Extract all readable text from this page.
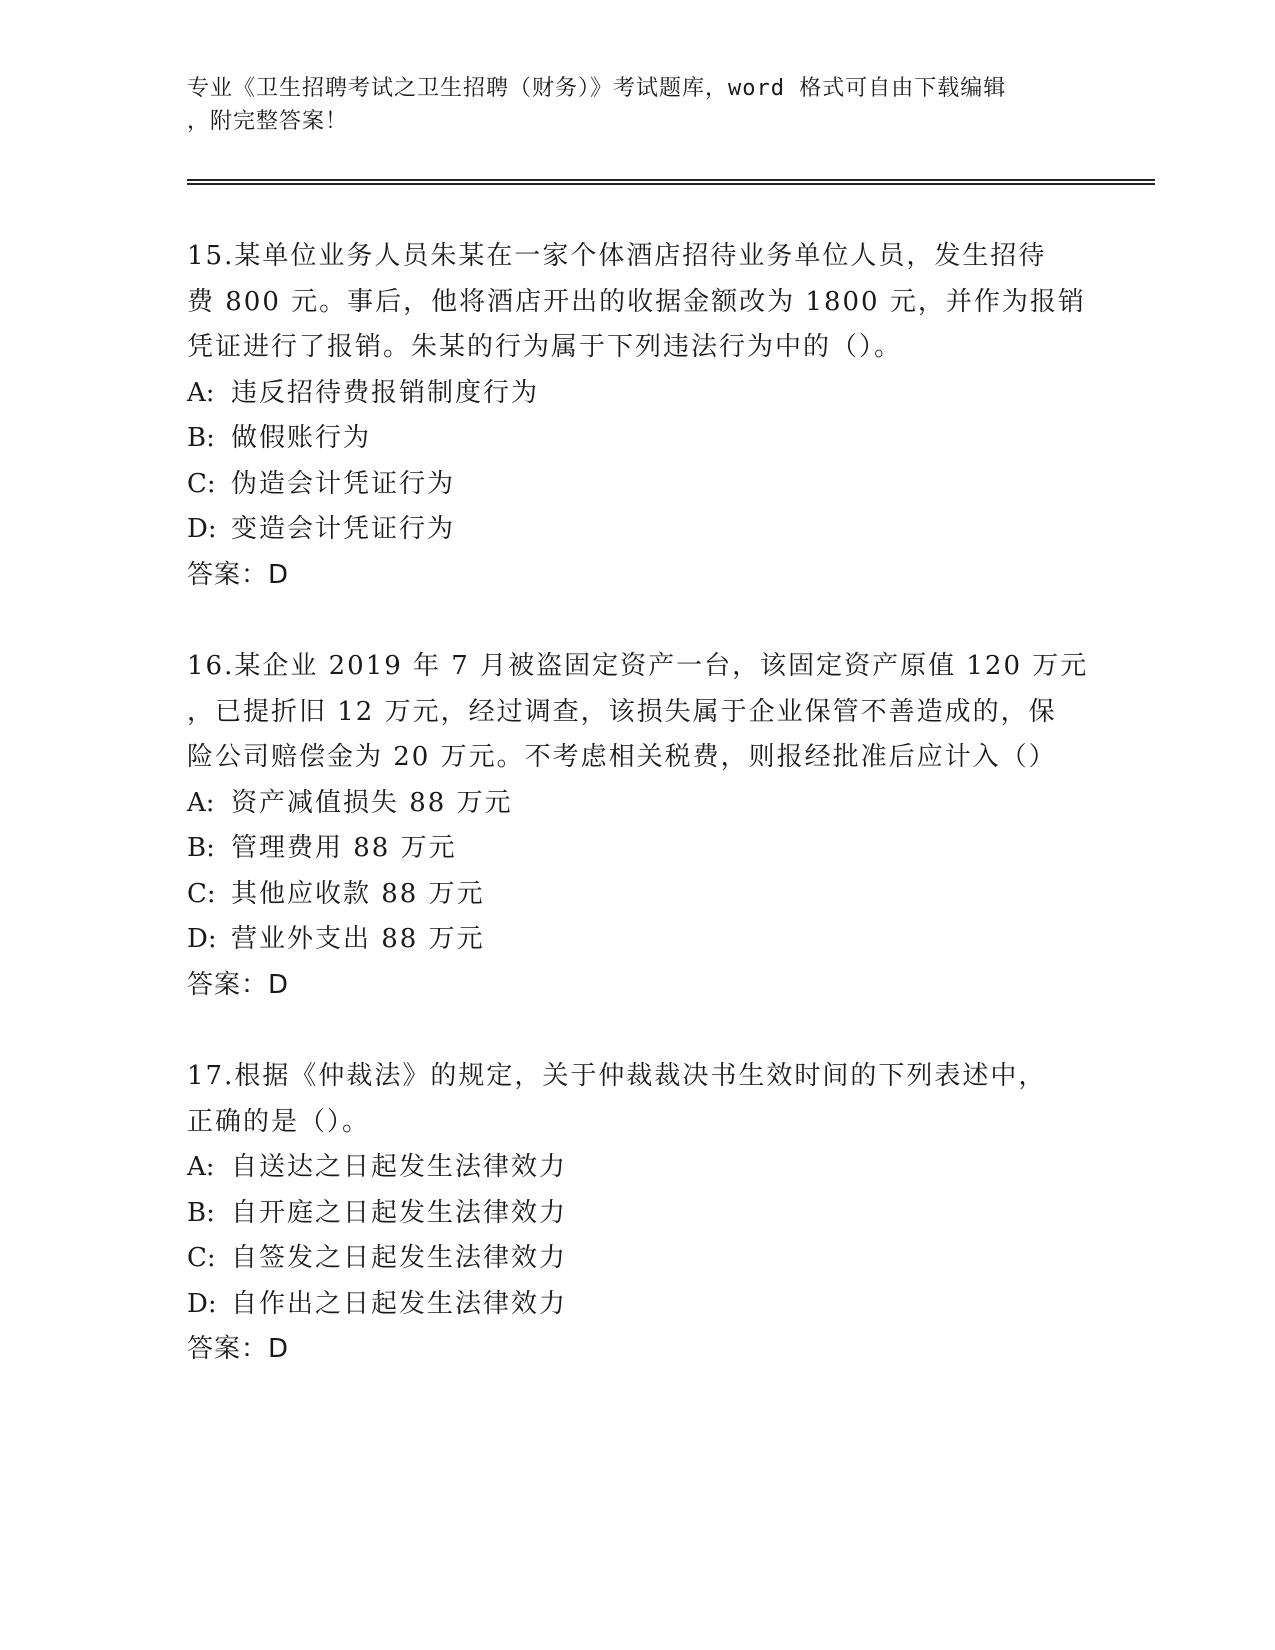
专业《卫生招聘考试之卫生招聘（财务）》考试题库，word 格式可自由下载编辑
，附完整答案！
15.某单位业务人员朱某在一家个体酒店招待业务单位人员，发生招待
费 800 元。事后，他将酒店开出的收据金额改为 1800 元，并作为报销
凭证进行了报销。朱某的行为属于下列违法行为中的（）。
A: 违反招待费报销制度行为
B: 做假账行为
C: 伪造会计凭证行为
D: 变造会计凭证行为
答案：D
16.某企业 2019 年 7 月被盗固定资产一台，该固定资产原值 120 万元
，已提折旧 12 万元，经过调查，该损失属于企业保管不善造成的，保
险公司赔偿金为 20 万元。不考虑相关税费，则报经批准后应计入（）
A: 资产减值损失 88 万元
B: 管理费用 88 万元
C: 其他应收款 88 万元
D: 营业外支出 88 万元
答案：D
17.根据《仲裁法》的规定，关于仲裁裁决书生效时间的下列表述中，
正确的是（）。
A: 自送达之日起发生法律效力
B: 自开庭之日起发生法律效力
C: 自签发之日起发生法律效力
D: 自作出之日起发生法律效力
答案：D
